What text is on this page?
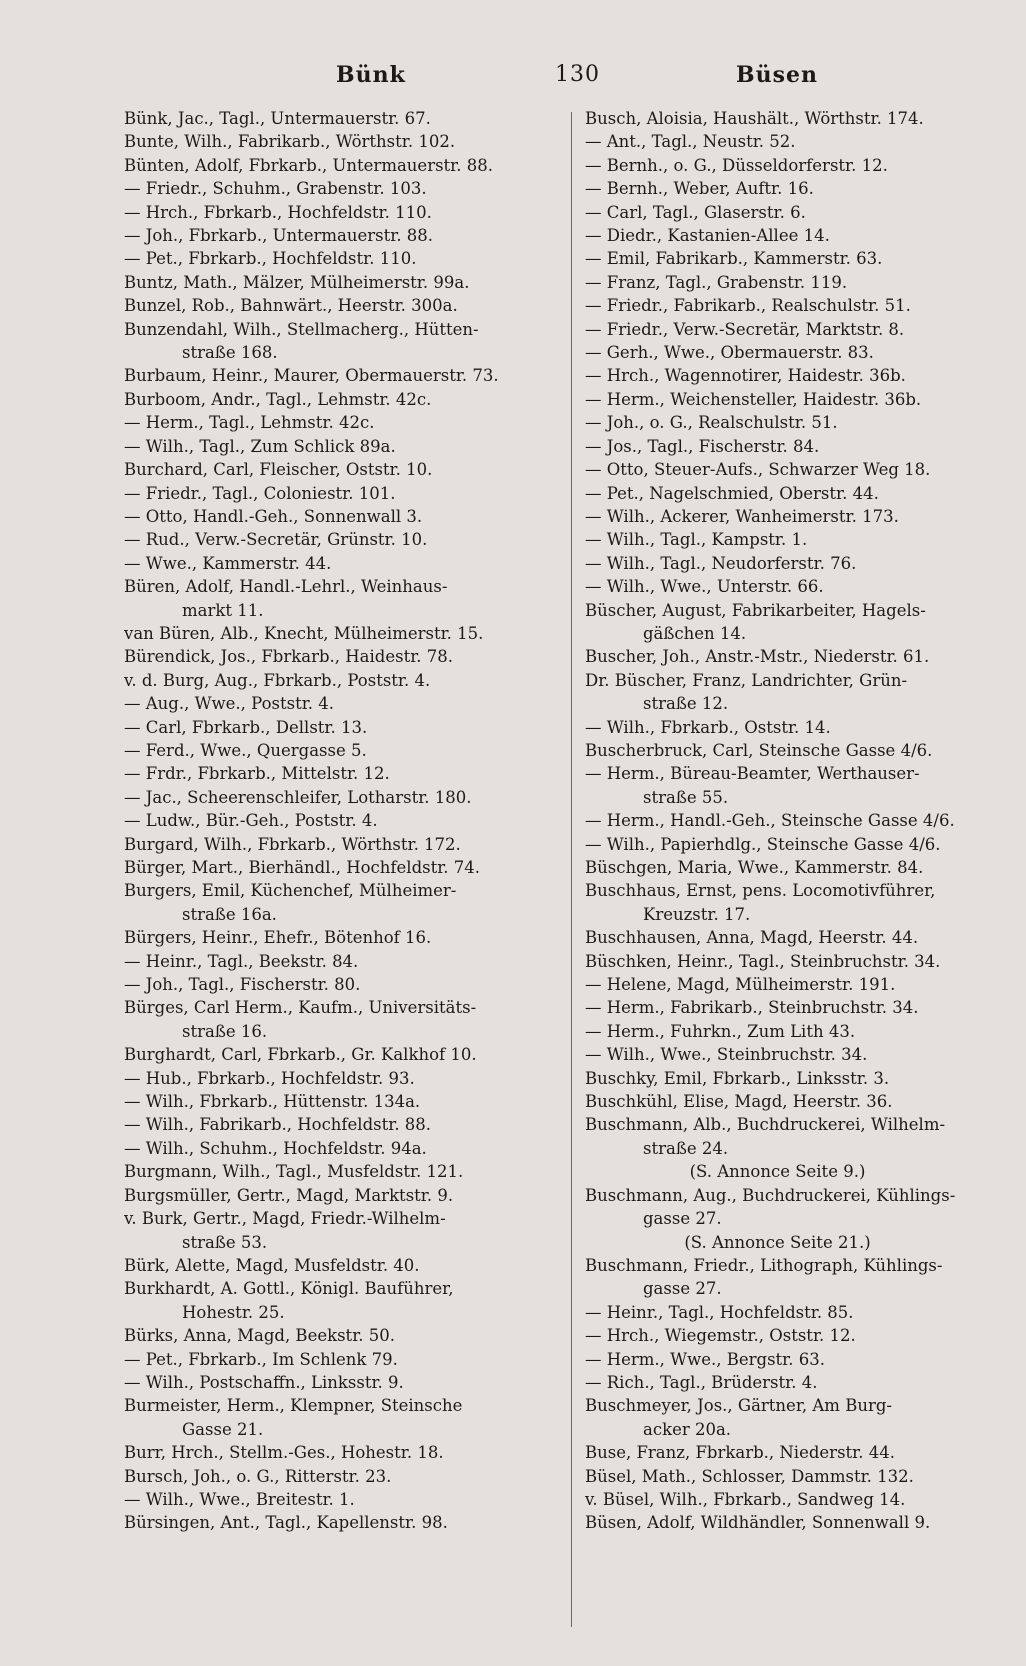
Bünk	130	Büsen
Bünk, Jac., Tagl., Untermauerstr. 67.
Bunte, Wilh., Fabrikarb., Wörthstr. 102.
Bünten, Adolf, Fbrkarb., Untermauerstr. 88.
— Friedr., Schuhm., Grabenstr. 103.
— Hrch., Fbrkarb., Hochfeldstr. 110.
— Joh., Fbrkarb., Untermauerstr. 88.
— Pet., Fbrkarb., Hochfeldstr. 110.
Buntz, Math., Mälzer, Mülheimerstr. 99a.
Bunzel, Rob., Bahnwärt., Heerstr. 300a.
Bunzendahl, Wilh., Stellmacherg., Hütten-
straße 168.
Burbaum, Heinr., Maurer, Obermauerstr. 73.
Burboom, Andr., Tagl., Lehmstr. 42c.
— Herm., Tagl., Lehmstr. 42c.
— Wilh., Tagl., Zum Schlick 89a.
Burchard, Carl, Fleischer, Oststr. 10.
— Friedr., Tagl., Coloniestr. 101.
— Otto, Handl.-Geh., Sonnenwall 3.
— Rud., Verw.-Secretär, Grünstr. 10.
— Wwe., Kammerstr. 44.
Büren, Adolf, Handl.-Lehrl., Weinhaus-
markt 11.
van Büren, Alb., Knecht, Mülheimerstr. 15.
Bürendick, Jos., Fbrkarb., Haidestr. 78.
v. d. Burg, Aug., Fbrkarb., Poststr. 4.
— Aug., Wwe., Poststr. 4.
— Carl, Fbrkarb., Dellstr. 13.
— Ferd., Wwe., Quergasse 5.
— Frdr., Fbrkarb., Mittelstr. 12.
— Jac., Scheerenschleifer, Lotharstr. 180.
— Ludw., Bür.-Geh., Poststr. 4.
Burgard, Wilh., Fbrkarb., Wörthstr. 172.
Bürger, Mart., Bierhändl., Hochfeldstr. 74.
Burgers, Emil, Küchenchef, Mülheimer-
straße 16a.
Bürgers, Heinr., Ehefr., Bötenhof 16.
— Heinr., Tagl., Beekstr. 84.
— Joh., Tagl., Fischerstr. 80.
Bürges, Carl Herm., Kaufm., Universitäts-
straße 16.
Burghardt, Carl, Fbrkarb., Gr. Kalkhof 10.
— Hub., Fbrkarb., Hochfeldstr. 93.
— Wilh., Fbrkarb., Hüttenstr. 134a.
— Wilh., Fabrikarb., Hochfeldstr. 88.
— Wilh., Schuhm., Hochfeldstr. 94a.
Burgmann, Wilh., Tagl., Musfeldstr. 121.
Burgsmüller, Gertr., Magd, Marktstr. 9.
v. Burk, Gertr., Magd, Friedr.-Wilhelm-
straße 53.
Bürk, Alette, Magd, Musfeldstr. 40.
Burkhardt, A. Gottl., Königl. Bauführer,
Hohestr. 25.
Bürks, Anna, Magd, Beekstr. 50.
— Pet., Fbrkarb., Im Schlenk 79.
— Wilh., Postschaffn., Linksstr. 9.
Burmeister, Herm., Klempner, Steinsche
Gasse 21.
Burr, Hrch., Stellm.-Ges., Hohestr. 18.
Bursch, Joh., o. G., Ritterstr. 23.
— Wilh., Wwe., Breitestr. 1.
Bürsingen, Ant., Tagl., Kapellenstr. 98.
Busch, Aloisia, Haushält., Wörthstr. 174.
— Ant., Tagl., Neustr. 52.
— Bernh., o. G., Düsseldorferstr. 12.
— Bernh., Weber, Auftr. 16.
— Carl, Tagl., Glaserstr. 6.
— Diedr., Kastanien-Allee 14.
— Emil, Fabrikarb., Kammerstr. 63.
— Franz, Tagl., Grabenstr. 119.
— Friedr., Fabrikarb., Realschulstr. 51.
— Friedr., Verw.-Secretär, Marktstr. 8.
— Gerh., Wwe., Obermauerstr. 83.
— Hrch., Wagennotirer, Haidestr. 36b.
— Herm., Weichensteller, Haidestr. 36b.
— Joh., o. G., Realschulstr. 51.
— Jos., Tagl., Fischerstr. 84.
— Otto, Steuer-Aufs., Schwarzer Weg 18.
— Pet., Nagelschmied, Oberstr. 44.
— Wilh., Ackerer, Wanheimerstr. 173.
— Wilh., Tagl., Kampstr. 1.
— Wilh., Tagl., Neudorferstr. 76.
— Wilh., Wwe., Unterstr. 66.
Büscher, August, Fabrikarbeiter, Hagels-
gäßchen 14.
Buscher, Joh., Anstr.-Mstr., Niederstr. 61.
Dr. Büscher, Franz, Landrichter, Grün-
straße 12.
— Wilh., Fbrkarb., Oststr. 14.
Buscherbruck, Carl, Steinsche Gasse 4/6.
— Herm., Büreau-Beamter, Werthauser-
straße 55.
— Herm., Handl.-Geh., Steinsche Gasse 4/6.
— Wilh., Papierhdlg., Steinsche Gasse 4/6.
Büschgen, Maria, Wwe., Kammerstr. 84.
Buschhaus, Ernst, pens. Locomotivführer,
Kreuzstr. 17.
Buschhausen, Anna, Magd, Heerstr. 44.
Büschken, Heinr., Tagl., Steinbruchstr. 34.
— Helene, Magd, Mülheimerstr. 191.
— Herm., Fabrikarb., Steinbruchstr. 34.
— Herm., Fuhrkn., Zum Lith 43.
— Wilh., Wwe., Steinbruchstr. 34.
Buschky, Emil, Fbrkarb., Linksstr. 3.
Buschkühl, Elise, Magd, Heerstr. 36.
Buschmann, Alb., Buchdruckerei, Wilhelm-
straße 24.
(S. Annonce Seite 9.)
Buschmann, Aug., Buchdruckerei, Kühlings-
gasse 27.
(S. Annonce Seite 21.)
Buschmann, Friedr., Lithograph, Kühlings-
gasse 27.
— Heinr., Tagl., Hochfeldstr. 85.
— Hrch., Wiegemstr., Oststr. 12.
— Herm., Wwe., Bergstr. 63.
— Rich., Tagl., Brüderstr. 4.
Buschmeyer, Jos., Gärtner, Am Burg-
acker 20a.
Buse, Franz, Fbrkarb., Niederstr. 44.
Büsel, Math., Schlosser, Dammstr. 132.
v. Büsel, Wilh., Fbrkarb., Sandweg 14.
Büsen, Adolf, Wildhändler, Sonnenwall 9.
